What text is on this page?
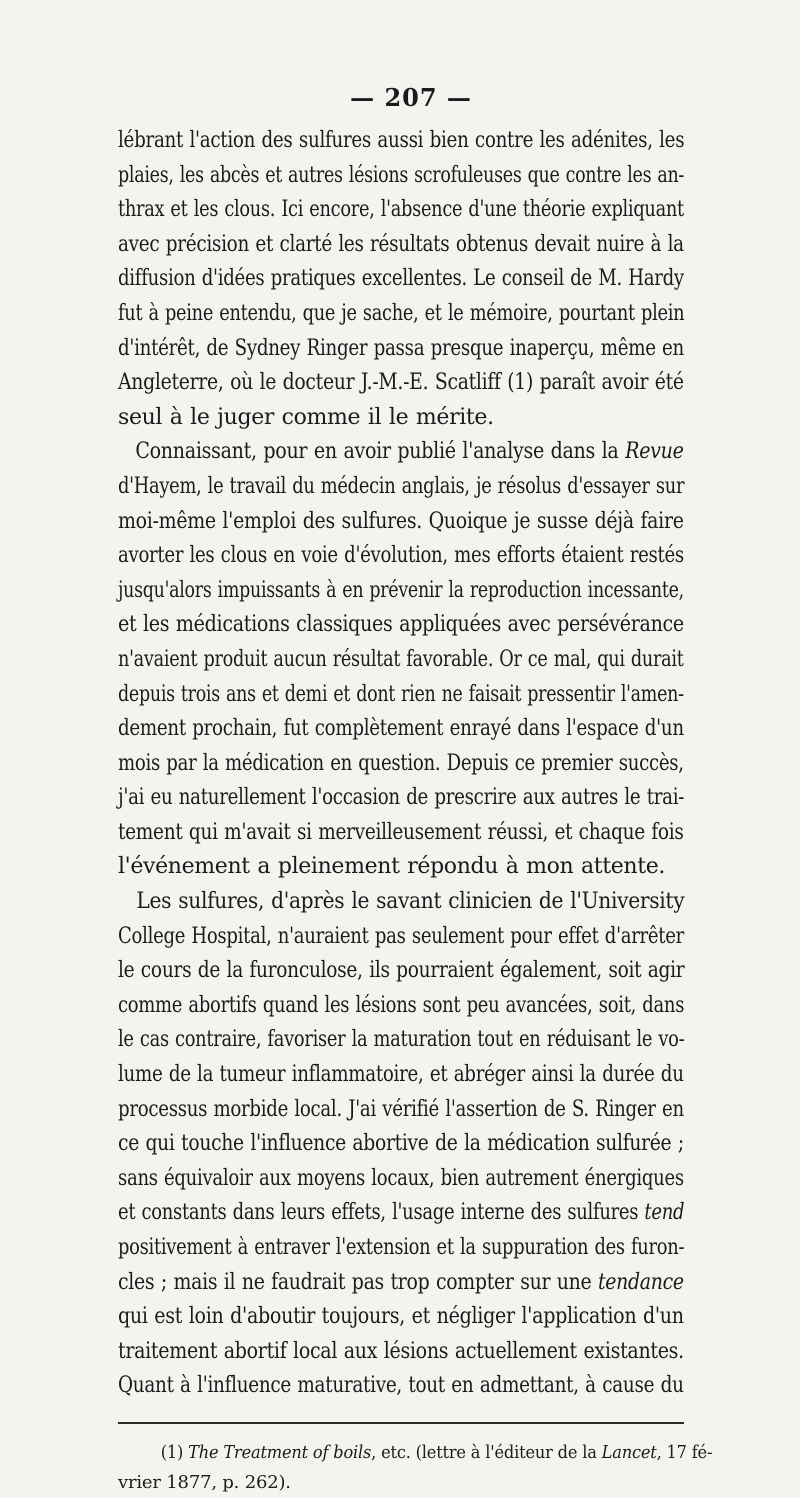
— 207 —
lébrant l'action des sulfures aussi bien contre les adénites, les
plaies, les abcès et autres lésions scrofuleuses que contre les an-
thrax et les clous. Ici encore, l'absence d'une théorie expliquant
avec précision et clarté les résultats obtenus devait nuire à la
diffusion d'idées pratiques excellentes. Le conseil de M. Hardy
fut à peine entendu, que je sache, et le mémoire, pourtant plein
d'intérêt, de Sydney Ringer passa presque inaperçu, même en
Angleterre, où le docteur J.-M.-E. Scatliff (1) paraît avoir été
seul à le juger comme il le mérite.
Connaissant, pour en avoir publié l'analyse dans la Revue
d'Hayem, le travail du médecin anglais, je résolus d'essayer sur
moi-même l'emploi des sulfures. Quoique je susse déjà faire
avorter les clous en voie d'évolution, mes efforts étaient restés
jusqu'alors impuissants à en prévenir la reproduction incessante,
et les médications classiques appliquées avec persévérance
n'avaient produit aucun résultat favorable. Or ce mal, qui durait
depuis trois ans et demi et dont rien ne faisait pressentir l'amen-
dement prochain, fut complètement enrayé dans l'espace d'un
mois par la médication en question. Depuis ce premier succès,
j'ai eu naturellement l'occasion de prescrire aux autres le trai-
tement qui m'avait si merveilleusement réussi, et chaque fois
l'événement a pleinement répondu à mon attente.
Les sulfures, d'après le savant clinicien de l'University
College Hospital, n'auraient pas seulement pour effet d'arrêter
le cours de la furonculose, ils pourraient également, soit agir
comme abortifs quand les lésions sont peu avancées, soit, dans
le cas contraire, favoriser la maturation tout en réduisant le vo-
lume de la tumeur inflammatoire, et abréger ainsi la durée du
processus morbide local. J'ai vérifié l'assertion de S. Ringer en
ce qui touche l'influence abortive de la médication sulfurée ;
sans équivaloir aux moyens locaux, bien autrement énergiques
et constants dans leurs effets, l'usage interne des sulfures tend
positivement à entraver l'extension et la suppuration des furon-
cles ; mais il ne faudrait pas trop compter sur une tendance
qui est loin d'aboutir toujours, et négliger l'application d'un
traitement abortif local aux lésions actuellement existantes.
Quant à l'influence maturative, tout en admettant, à cause du
(1) The Treatment of boils, etc. (lettre à l'éditeur de la Lancet, 17 fé-
vrier 1877, p. 262).
